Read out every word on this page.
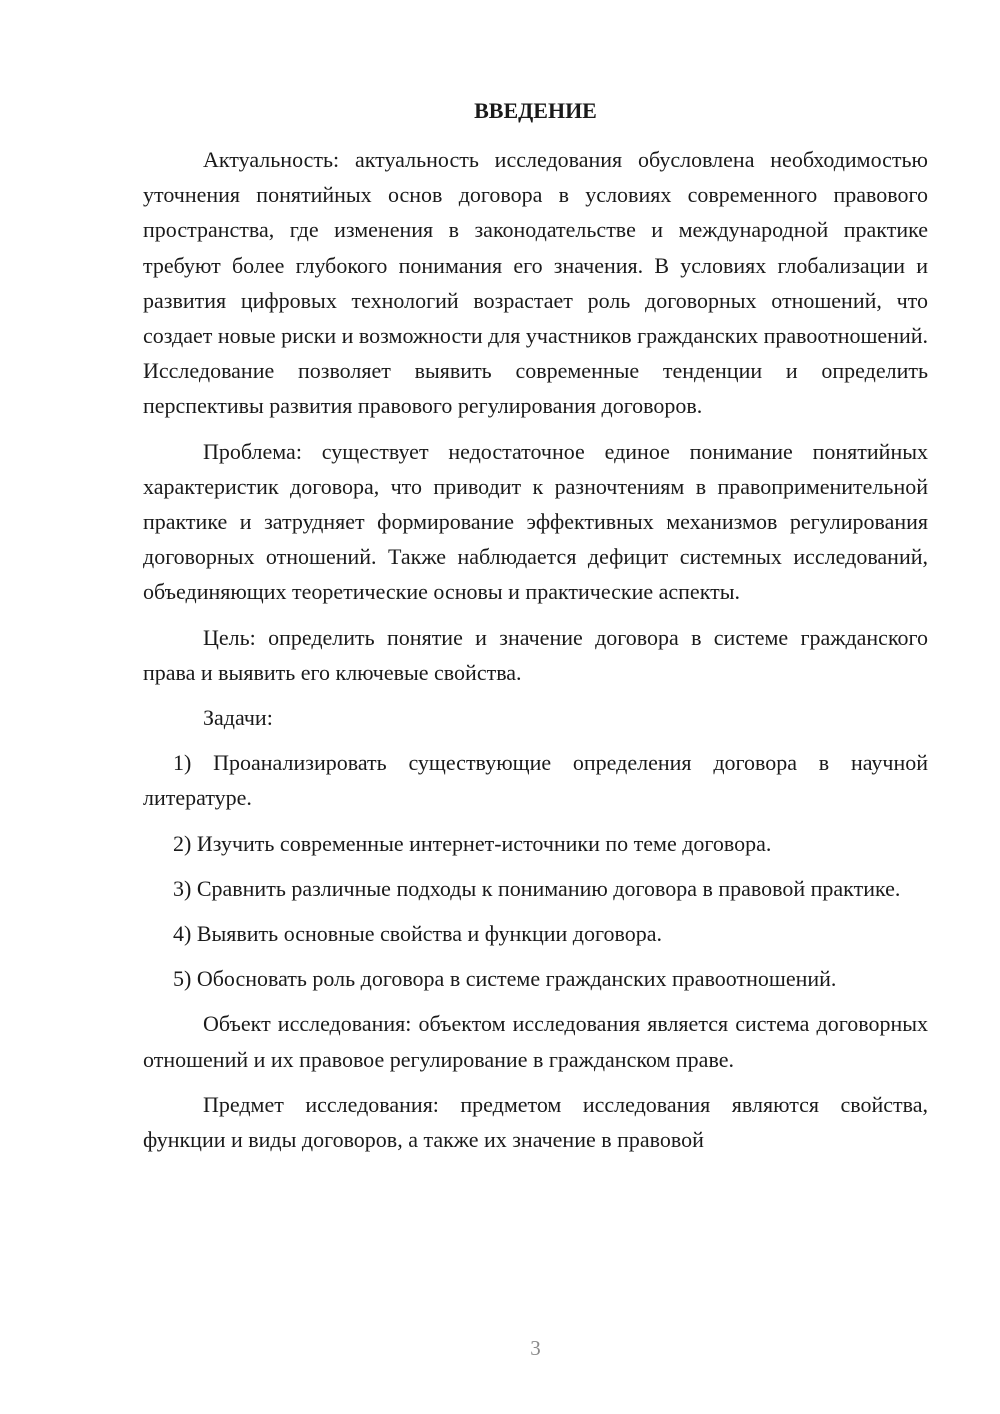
ВВЕДЕНИЕ

Актуальность: актуальность исследования обусловлена необходимостью уточнения понятийных основ договора в условиях современного правового пространства, где изменения в законодательстве и международной практике требуют более глубокого понимания его значения. В условиях глобализации и развития цифровых технологий возрастает роль договорных отношений, что создает новые риски и возможности для участников гражданских правоотношений. Исследование позволяет выявить современные тенденции и определить перспективы развития правового регулирования договоров.

Проблема: существует недостаточное единое понимание понятийных характеристик договора, что приводит к разночтениям в правоприменительной практике и затрудняет формирование эффективных механизмов регулирования договорных отношений. Также наблюдается дефицит системных исследований, объединяющих теоретические основы и практические аспекты.

Цель: определить понятие и значение договора в системе гражданского права и выявить его ключевые свойства.

Задачи:

1) Проанализировать существующие определения договора в научной литературе.

2) Изучить современные интернет-источники по теме договора.

3) Сравнить различные подходы к пониманию договора в правовой практике.

4) Выявить основные свойства и функции договора.

5) Обосновать роль договора в системе гражданских правоотношений.

Объект исследования: объектом исследования является система договорных отношений и их правовое регулирование в гражданском праве.

Предмет исследования: предметом исследования являются свойства, функции и виды договоров, а также их значение в правовой

3
